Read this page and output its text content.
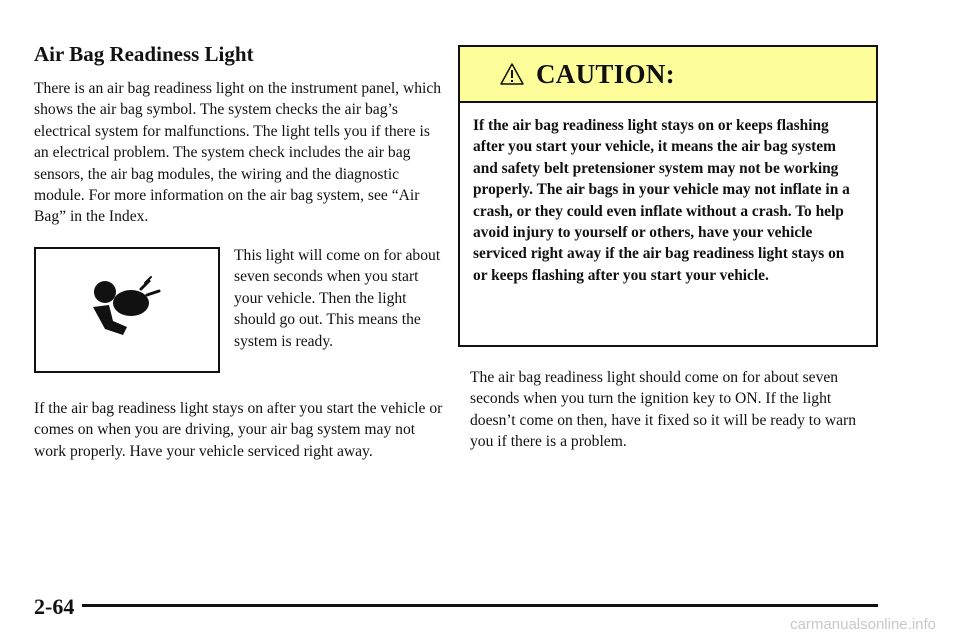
Air Bag Readiness Light

There is an air bag readiness light on the instrument panel, which shows the air bag symbol. The system checks the air bag’s electrical system for malfunctions. The light tells you if there is an electrical problem. The system check includes the air bag sensors, the air bag modules, the wiring and the diagnostic module. For more information on the air bag system, see “Air Bag” in the Index.

This light will come on for about seven seconds when you start your vehicle. Then the light should go out. This means the system is ready.

If the air bag readiness light stays on after you start the vehicle or comes on when you are driving, your air bag system may not work properly. Have your vehicle serviced right away.

CAUTION:

If the air bag readiness light stays on or keeps flashing after you start your vehicle, it means the air bag system and safety belt pretensioner system may not be working properly. The air bags in your vehicle may not inflate in a crash, or they could even inflate without a crash. To help avoid injury to yourself or others, have your vehicle serviced right away if the air bag readiness light stays on or keeps flashing after you start your vehicle.

The air bag readiness light should come on for about seven seconds when you turn the ignition key to ON. If the light doesn’t come on then, have it fixed so it will be ready to warn you if there is a problem.

2-64
carmanualsonline.info
